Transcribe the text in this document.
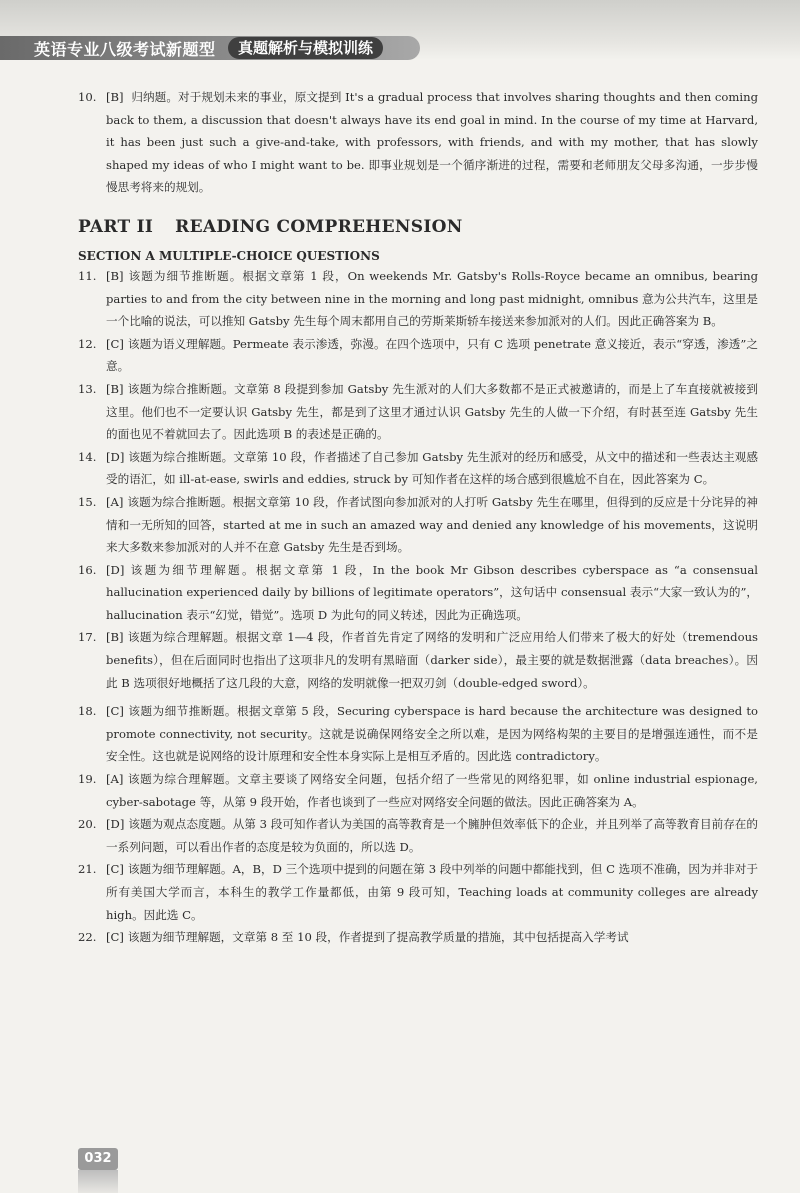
英语专业八级考试新题型	真题解析与模拟训练
10. [B] 归纳题。对于规划未来的事业，原文提到 It's a gradual process that involves sharing thoughts and then coming back to them, a discussion that doesn't always have its end goal in mind. In the course of my time at Harvard, it has been just such a give-and-take, with professors, with friends, and with my mother, that has slowly shaped my ideas of who I might want to be. 即事业规划是一个循序渐进的过程，需要和老师朋友父母多沟通，一步步慢慢思考将来的规划。
PART II READING COMPREHENSION
SECTION A MULTIPLE-CHOICE QUESTIONS
11. [B] 该题为细节推断题。根据文章第 1 段，On weekends Mr. Gatsby's Rolls-Royce became an omnibus, bearing parties to and from the city between nine in the morning and long past midnight, omnibus 意为公共汽车，这里是一个比喻的说法，可以推知 Gatsby 先生每个周末都用自己的劳斯莱斯轿车接送来参加派对的人们。因此正确答案为 B。
12. [C] 该题为语义理解题。Permeate 表示渗透，弥漫。在四个选项中，只有 C 选项 penetrate 意义接近，表示“穿透，渗透”之意。
13. [B] 该题为综合推断题。文章第 8 段提到参加 Gatsby 先生派对的人们大多数都不是正式被邀请的，而是上了车直接就被接到这里。他们也不一定要认识 Gatsby 先生，都是到了这里才通过认识 Gatsby 先生的人做一下介绍，有时甚至连 Gatsby 先生的面也见不着就回去了。因此选项 B 的表述是正确的。
14. [D] 该题为综合推断题。文章第 10 段，作者描述了自己参加 Gatsby 先生派对的经历和感受，从文中的描述和一些表达主观感受的语汇，如 ill-at-ease, swirls and eddies, struck by 可知作者在这样的场合感到很尴尬不自在，因此答案为 C。
15. [A] 该题为综合推断题。根据文章第 10 段，作者试图向参加派对的人打听 Gatsby 先生在哪里，但得到的反应是十分诧异的神情和一无所知的回答，started at me in such an amazed way and denied any knowledge of his movements，这说明来大多数来参加派对的人并不在意 Gatsby 先生是否到场。
16. [D] 该题为细节理解题。根据文章第 1 段，In the book Mr Gibson describes cyberspace as “a consensual hallucination experienced daily by billions of legitimate operators”，这句话中 consensual 表示“大家一致认为的”，hallucination 表示“幻觉，错觉”。选项 D 为此句的同义转述，因此为正确选项。
17. [B] 该题为综合理解题。根据文章 1—4 段，作者首先肯定了网络的发明和广泛应用给人们带来了极大的好处（tremendous benefits），但在后面同时也指出了这项非凡的发明有黑暗面（darker side），最主要的就是数据泄露（data breaches）。因此 B 选项很好地概括了这几段的大意，网络的发明就像一把双刃剑（double-edged sword）。
18. [C] 该题为细节推断题。根据文章第 5 段，Securing cyberspace is hard because the architecture was designed to promote connectivity, not security。这就是说确保网络安全之所以难，是因为网络构架的主要目的是增强连通性，而不是安全性。这也就是说网络的设计原理和安全性本身实际上是相互矛盾的。因此选 contradictory。
19. [A] 该题为综合理解题。文章主要谈了网络安全问题，包括介绍了一些常见的网络犯罪，如 online industrial espionage, cyber-sabotage 等，从第 9 段开始，作者也谈到了一些应对网络安全问题的做法。因此正确答案为 A。
20. [D] 该题为观点态度题。从第 3 段可知作者认为美国的高等教育是一个臃肿但效率低下的企业，并且列举了高等教育目前存在的一系列问题，可以看出作者的态度是较为负面的，所以选 D。
21. [C] 该题为细节理解题。A，B，D 三个选项中提到的问题在第 3 段中列举的问题中都能找到，但 C 选项不准确，因为并非对于所有美国大学而言，本科生的教学工作量都低，由第 9 段可知，Teaching loads at community colleges are already high。因此选 C。
22. [C] 该题为细节理解题，文章第 8 至 10 段，作者提到了提高教学质量的措施，其中包括提高入学考试
032
